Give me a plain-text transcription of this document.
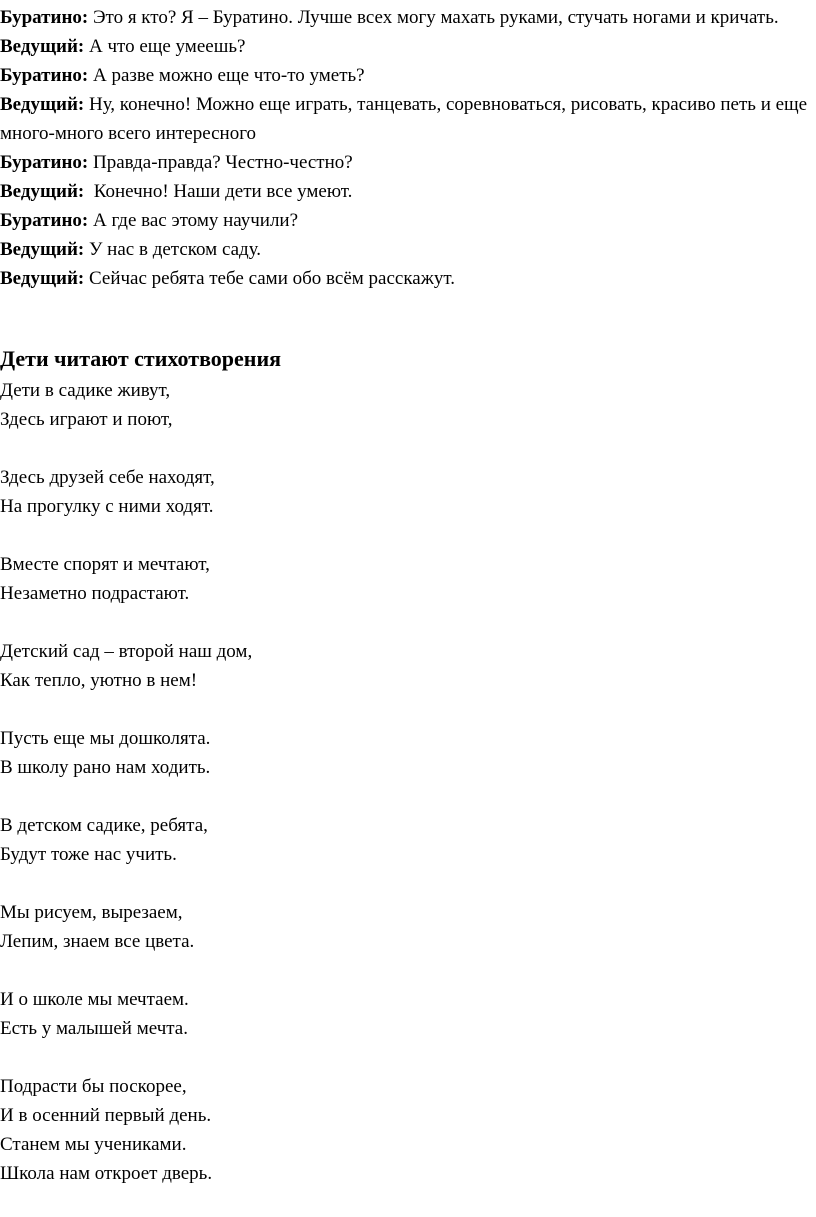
Буратино: Это я кто? Я – Буратино. Лучше всех могу махать руками, стучать ногами и кричать.

Ведущий: А что еще умеешь?

Буратино: А разве можно еще что-то уметь?

Ведущий: Ну, конечно! Можно еще играть, танцевать, соревноваться, рисовать, красиво петь и еще много-много всего интересного

Буратино: Правда-правда? Честно-честно?

Ведущий:  Конечно! Наши дети все умеют.

Буратино: А где вас этому научили?

Ведущий: У нас в детском саду.

Ведущий: Сейчас ребята тебе сами обо всём расскажут.

Дети читают стихотворения
Дети в садике живут,
Здесь играют и поют,
Здесь друзей себе находят,
На прогулку с ними ходят.
Вместе спорят и мечтают,
Незаметно подрастают.
Детский сад – второй наш дом,
Как тепло, уютно в нем!
Пусть еще мы дошколята.
В школу рано нам ходить.
В детском садике, ребята,
Будут тоже нас учить.
Мы рисуем, вырезаем,
Лепим, знаем все цвета.
И о школе мы мечтаем.
Есть у малышей мечта.
Подрасти бы поскорее,
И в осенний первый день.
Станем мы учениками.
Школа нам откроет дверь.
